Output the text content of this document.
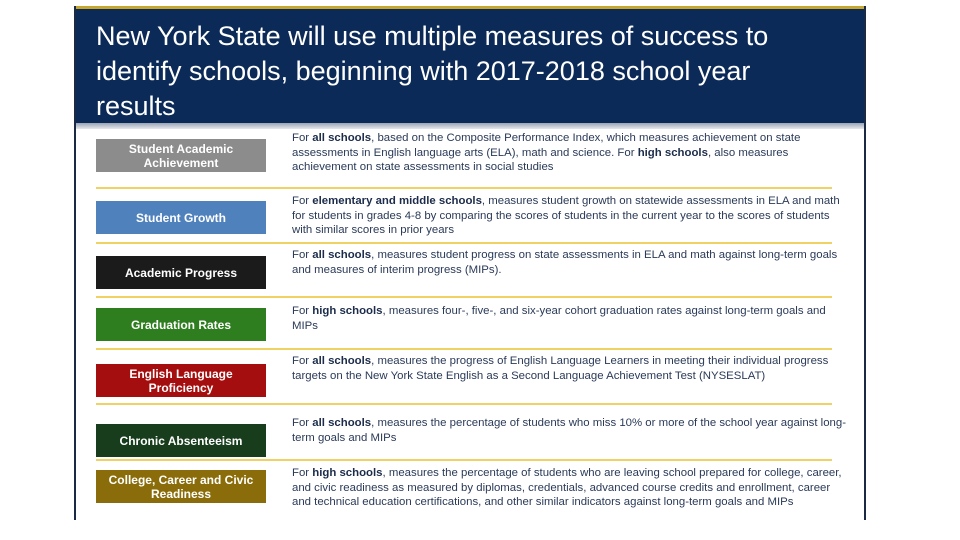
New York State will use multiple measures of success to identify schools, beginning with 2017-2018 school year results
Student Academic Achievement
For all schools, based on the Composite Performance Index, which measures achievement on state assessments in English language arts (ELA), math and science. For high schools, also measures achievement on state assessments in social studies
Student Growth
For elementary and middle schools, measures student growth on statewide assessments in ELA and math for students in grades 4-8 by comparing the scores of students in the current year to the scores of students with similar scores in prior years
Academic Progress
For all schools, measures student progress on state assessments in ELA and math against long-term goals and measures of interim progress (MIPs).
Graduation Rates
For high schools, measures four-, five-, and six-year cohort graduation rates against long-term goals and MIPs
English Language Proficiency
For all schools, measures the progress of English Language Learners in meeting their individual progress targets on the New York State English as a Second Language Achievement Test (NYSESLAT)
Chronic Absenteeism
For all schools, measures the percentage of students who miss 10% or more of the school year against long-term goals and MIPs
College, Career and Civic Readiness
For high schools, measures the percentage of students who are leaving school prepared for college, career, and civic readiness as measured by diplomas, credentials, advanced course credits and enrollment, career and technical education certifications, and other similar indicators against long-term goals and MIPs
